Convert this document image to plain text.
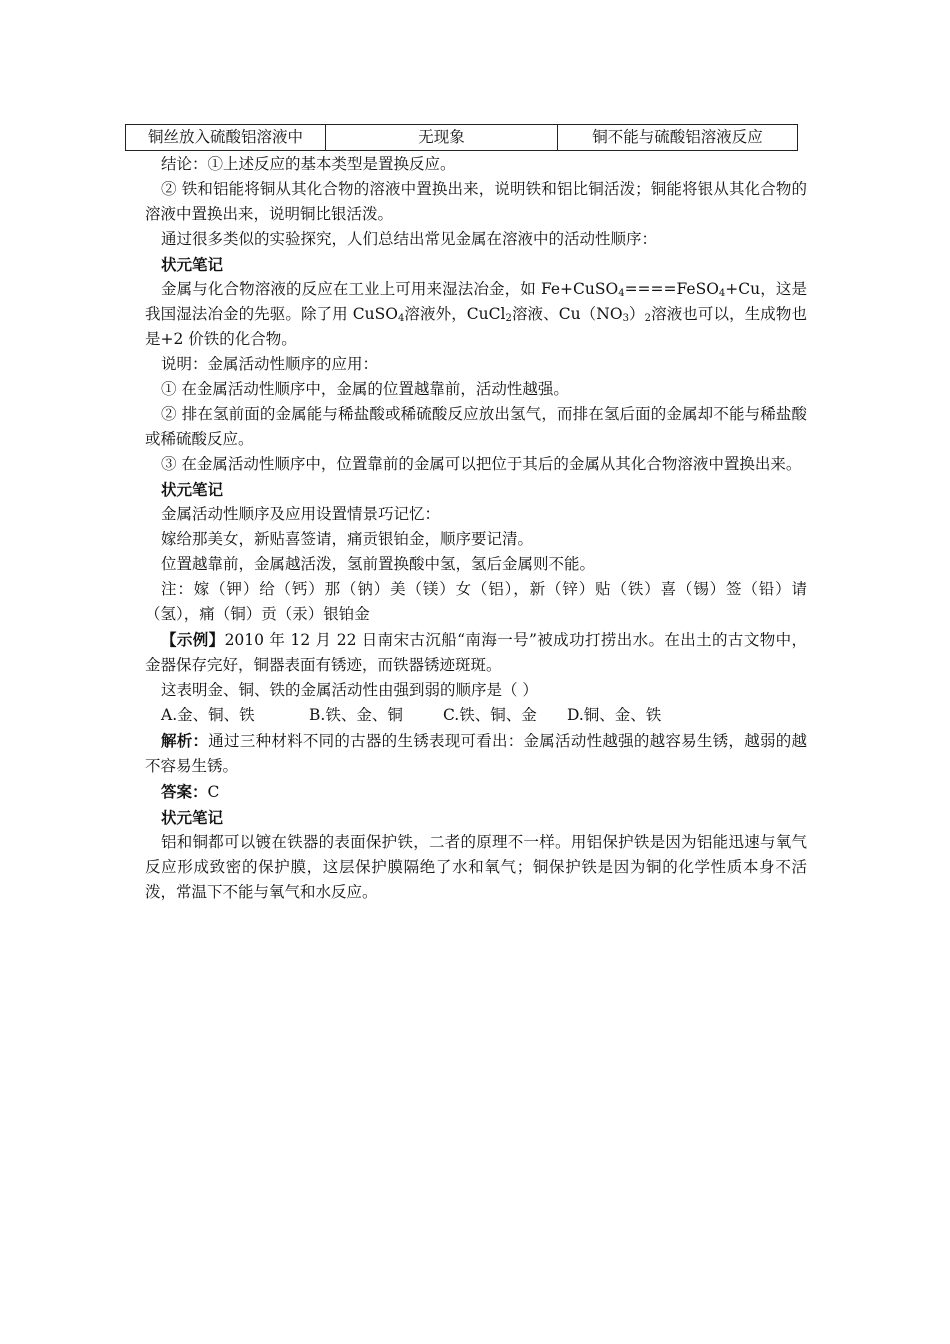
铜丝放入硫酸铝溶液中	无现象	铜不能与硫酸铝溶液反应

结论：①上述反应的基本类型是置换反应。

② 铁和铝能将铜从其化合物的溶液中置换出来，说明铁和铝比铜活泼；铜能将银从其化合物的溶液中置换出来，说明铜比银活泼。

通过很多类似的实验探究，人们总结出常见金属在溶液中的活动性顺序：

状元笔记

金属与化合物溶液的反应在工业上可用来湿法冶金，如 Fe+CuSO$_4$====FeSO$_4$+Cu，这是我国湿法冶金的先驱。除了用 CuSO$_4$溶液外，CuCl$_2$溶液、$Cu(NO_3)_2$溶液也可以，生成物也是+2 价铁的化合物。

说明：金属活动性顺序的应用：

① 在金属活动性顺序中，金属的位置越靠前，活动性越强。

② 排在氢前面的金属能与稀盐酸或稀硫酸反应放出氢气，而排在氢后面的金属却不能与稀盐酸或稀硫酸反应。

③ 在金属活动性顺序中，位置靠前的金属可以把位于其后的金属从其化合物溶液中置换出来。

状元笔记

金属活动性顺序及应用设置情景巧记忆：

嫁给那美女，新贴喜签请，痛贡银铂金，顺序要记清。

位置越靠前，金属越活泼，氢前置换酸中氢，氢后金属则不能。

注：嫁（钾）给（钙）那（钠）美（镁）女（铝），新（锌）贴（铁）喜（锡）签（铅）请（氢），痛（铜）贡（汞）银铂金

【示例】2010 年 12 月 22 日南宋古沉船“南海一号”被成功打捞出水。在出土的古文物中，金器保存完好，铜器表面有锈迹，而铁器锈迹斑斑。

这表明金、铜、铁的金属活动性由强到弱的顺序是（ ）

A.金、铜、铁	B.铁、金、铜	C.铁、铜、金	D.铜、金、铁

解析：通过三种材料不同的古器的生锈表现可看出：金属活动性越强的越容易生锈，越弱的越不容易生锈。

答案：C

状元笔记

铝和铜都可以镀在铁器的表面保护铁，二者的原理不一样。用铝保护铁是因为铝能迅速与氧气反应形成致密的保护膜，这层保护膜隔绝了水和氧气；铜保护铁是因为铜的化学性质本身不活泼，常温下不能与氧气和水反应。
